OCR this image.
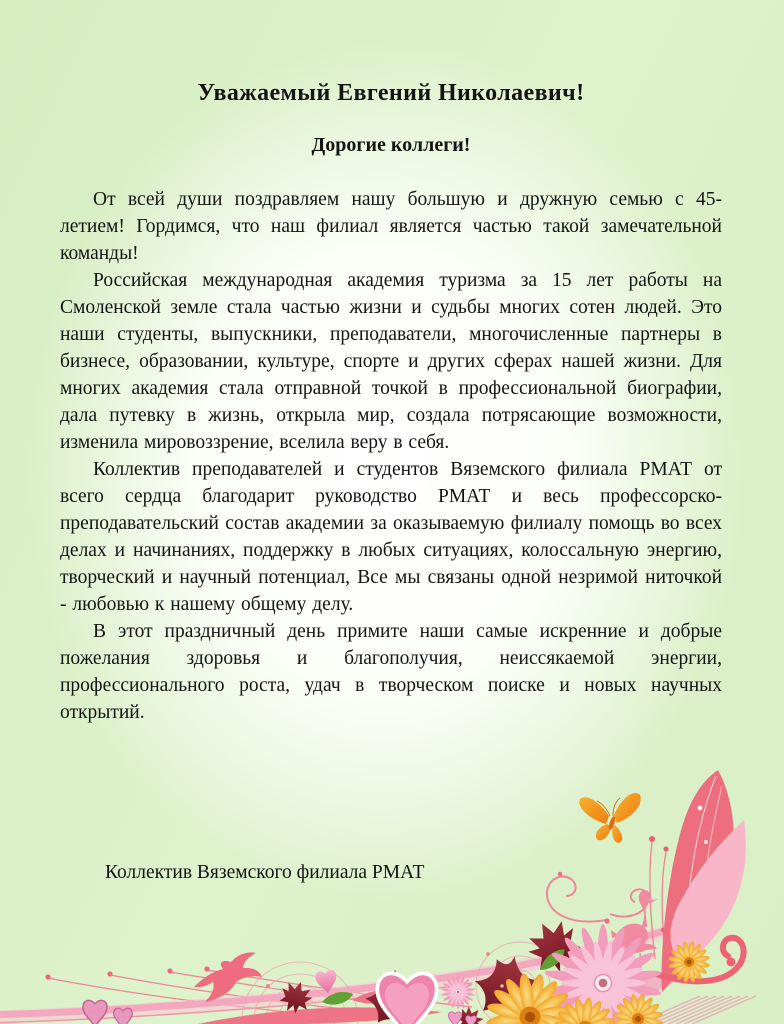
Уважаемый Евгений Николаевич!
Дорогие коллеги!

От всей души поздравляем нашу большую и дружную семью с 45-летием! Гордимся, что наш филиал является частью такой замечательной команды!

Российская международная академия туризма за 15 лет работы на Смоленской земле стала частью жизни и судьбы многих сотен людей. Это наши студенты, выпускники, преподаватели, многочисленные партнеры в бизнесе, образовании, культуре, спорте и других сферах нашей жизни. Для многих академия стала отправной точкой в профессиональной биографии, дала путевку в жизнь, открыла мир, создала потрясающие возможности, изменила мировоззрение, вселила веру в себя.

Коллектив преподавателей и студентов Вяземского филиала РМАТ от всего сердца благодарит руководство РМАТ и весь профессорско-преподавательский состав академии за оказываемую филиалу помощь во всех делах и начинаниях, поддержку в любых ситуациях, колоссальную энергию, творческий и научный потенциал, Все мы связаны одной незримой ниточкой - любовью к нашему общему делу.

В этот праздничный день примите наши самые искренние и добрые пожелания здоровья и благополучия, неиссякаемой энергии, профессионального роста, удач в творческом поиске и новых научных открытий.

Коллектив Вяземского филиала РМАТ
